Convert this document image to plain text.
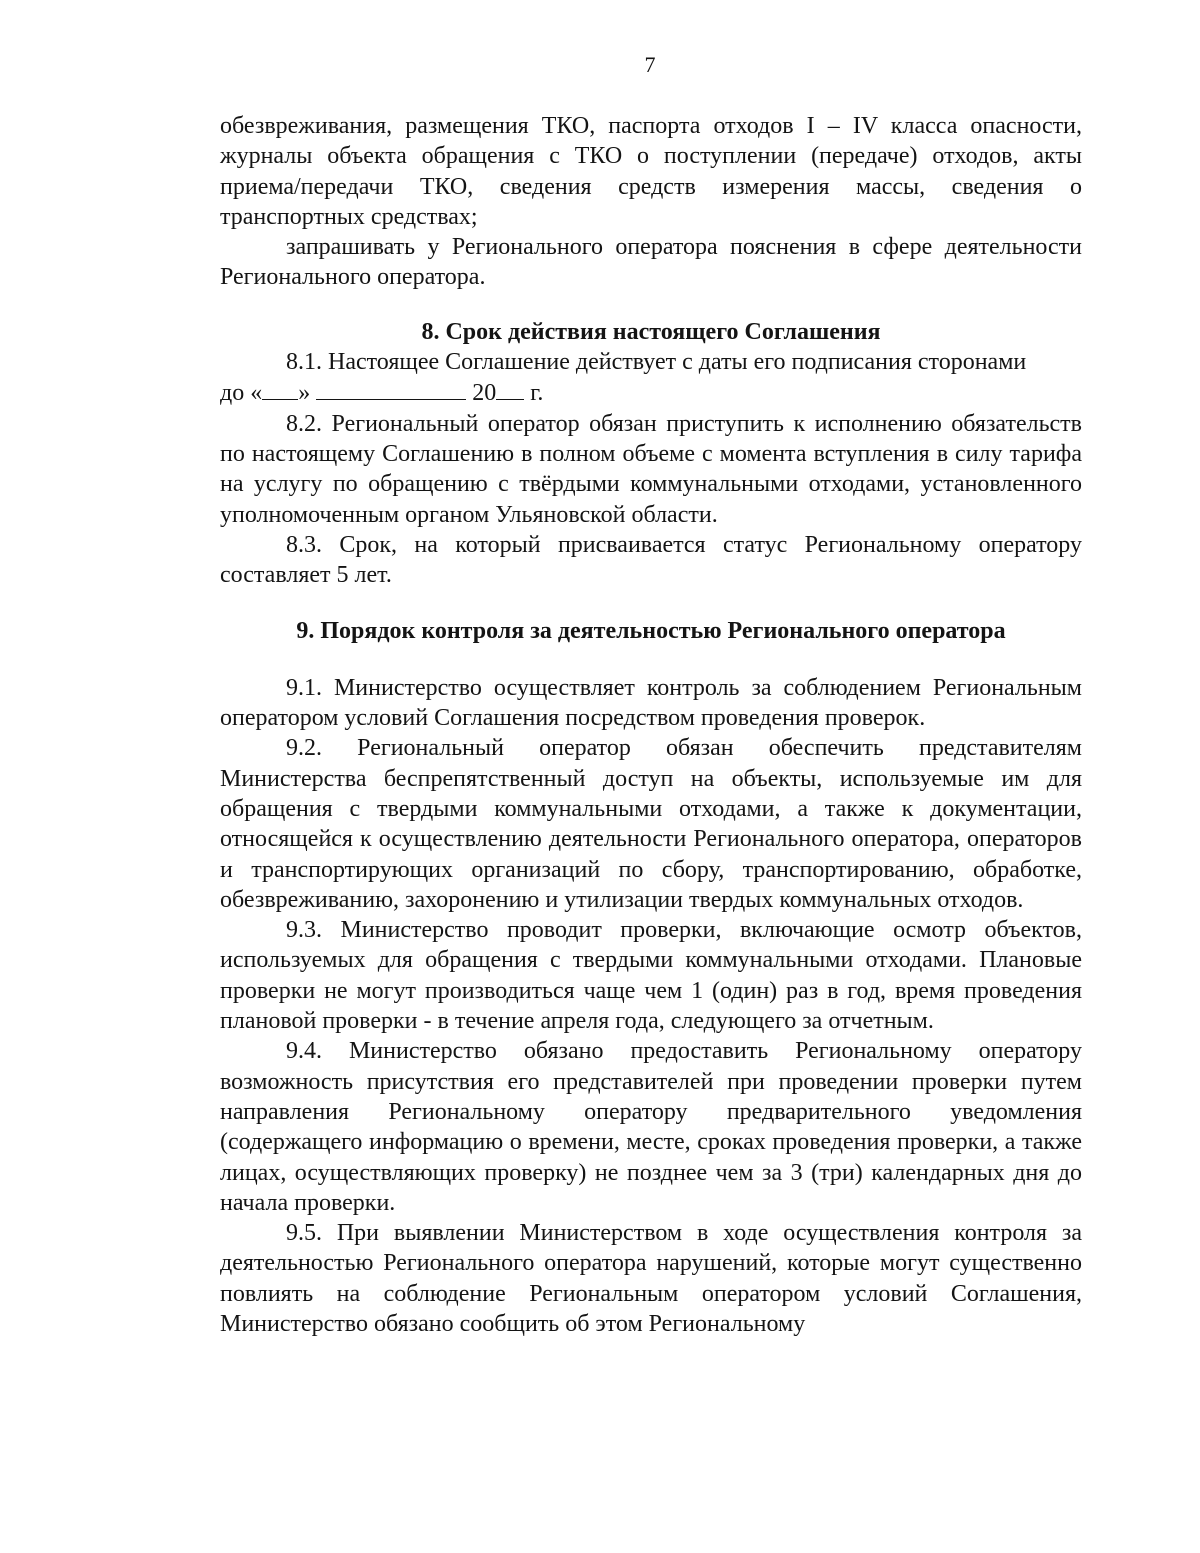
7

обезвреживания, размещения ТКО, паспорта отходов I – IV класса опасности, журналы объекта обращения с ТКО о поступлении (передаче) отходов, акты приема/передачи ТКО, сведения средств измерения массы, сведения о транспортных средствах;

запрашивать у Регионального оператора пояснения в сфере деятельности Регионального оператора.

8. Срок действия настоящего Соглашения

8.1. Настоящее Соглашение действует с даты его подписания сторонами

до « »	20 г.

8.2. Региональный оператор обязан приступить к исполнению обязательств по настоящему Соглашению в полном объеме с момента вступления в силу тарифа на услугу по обращению с твёрдыми коммунальными отходами, установленного уполномоченным органом Ульяновской области.

8.3. Срок, на который присваивается статус Региональному оператору составляет 5 лет.

9. Порядок контроля за деятельностью Регионального оператора

9.1. Министерство осуществляет контроль за соблюдением Региональным оператором условий Соглашения посредством проведения проверок.

9.2. Региональный оператор обязан обеспечить представителям Министерства беспрепятственный доступ на объекты, используемые им для обращения с твердыми коммунальными отходами, а также к документации, относящейся к осуществлению деятельности Регионального оператора, операторов и транспортирующих организаций по сбору, транспортированию, обработке, обезвреживанию, захоронению и утилизации твердых коммунальных отходов.

9.3. Министерство проводит проверки, включающие осмотр объектов, используемых для обращения с твердыми коммунальными отходами. Плановые проверки не могут производиться чаще чем 1 (один) раз в год, время проведения плановой проверки - в течение апреля года, следующего за отчетным.

9.4. Министерство обязано предоставить Региональному оператору возможность присутствия его представителей при проведении проверки путем направления Региональному оператору предварительного уведомления (содержащего информацию о времени, месте, сроках проведения проверки, а также лицах, осуществляющих проверку) не позднее чем за 3 (три) календарных дня до начала проверки.

9.5. При выявлении Министерством в ходе осуществления контроля за деятельностью Регионального оператора нарушений, которые могут существенно повлиять на соблюдение Региональным оператором условий Соглашения, Министерство обязано сообщить об этом Региональному
